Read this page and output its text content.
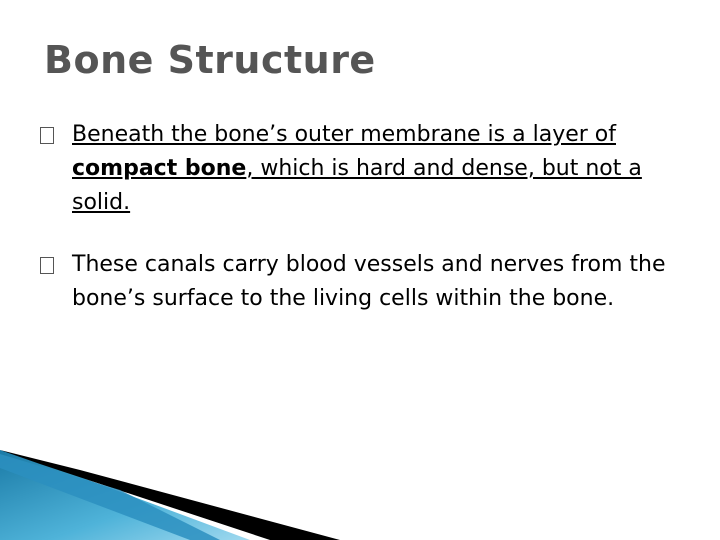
Bone Structure
Beneath the bone’s outer membrane is a layer of compact bone, which is hard and dense, but not a solid.
These canals carry blood vessels and nerves from the bone’s surface to the living cells within the bone.
